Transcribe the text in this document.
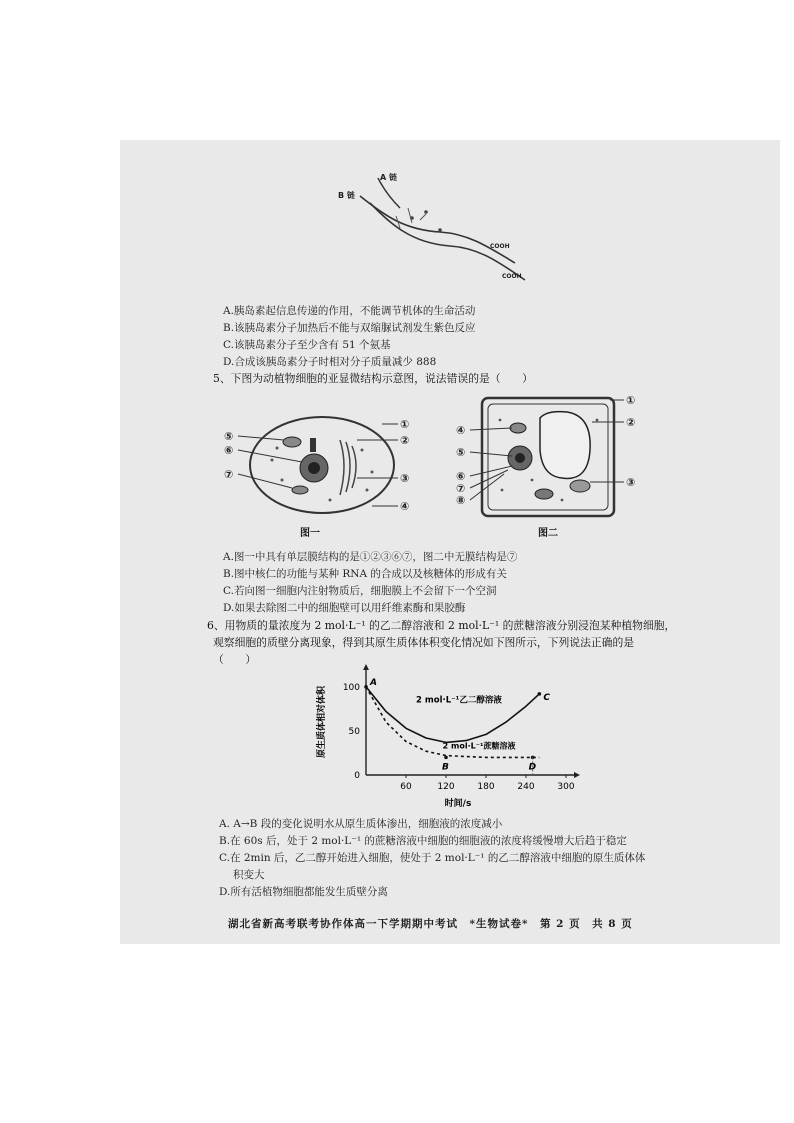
A 链
B 链
COOH
COOH
A.胰岛素起信息传递的作用，不能调节机体的生命活动
B.该胰岛素分子加热后不能与双缩脲试剂发生紫色反应
C.该胰岛素分子至少含有 51 个氨基
D.合成该胰岛素分子时相对分子质量减少 888
5、下图为动植物细胞的亚显微结构示意图，说法错误的是（　　）
①
②
③
④
⑤
⑥
⑦
图一
①
②
③
④
⑤
⑥
⑦
⑧
图二
A.图一中具有单层膜结构的是①②③⑥⑦，图二中无膜结构是⑦
B.图中核仁的功能与某种 RNA 的合成以及核糖体的形成有关
C.若向图一细胞内注射物质后，细胞膜上不会留下一个空洞
D.如果去除图二中的细胞壁可以用纤维素酶和果胶酶
6、用物质的量浓度为 2 mol·L⁻¹ 的乙二醇溶液和 2 mol·L⁻¹ 的蔗糖溶液分别浸泡某种植物细胞，
观察细胞的质壁分离现象，得到其原生质体体积变化情况如下图所示，下列说法正确的是
（　　）
60	120	180	240	300
0
50
100
2 mol·L⁻¹乙二醇溶液
2 mol·L⁻¹蔗糖溶液
A
B
C
D
原生质体相对体积
时间/s
A. A→B 段的变化说明水从原生质体渗出，细胞液的浓度减小
B.在 60s 后，处于 2 mol·L⁻¹ 的蔗糖溶液中细胞的细胞液的浓度将缓慢增大后趋于稳定
C.在 2min 后，乙二醇开始进入细胞，使处于 2 mol·L⁻¹ 的乙二醇溶液中细胞的原生质体体
积变大
D.所有活植物细胞都能发生质壁分离
湖北省新高考联考协作体高一下学期期中考试　*生物试卷*　第 2 页　共 8 页
